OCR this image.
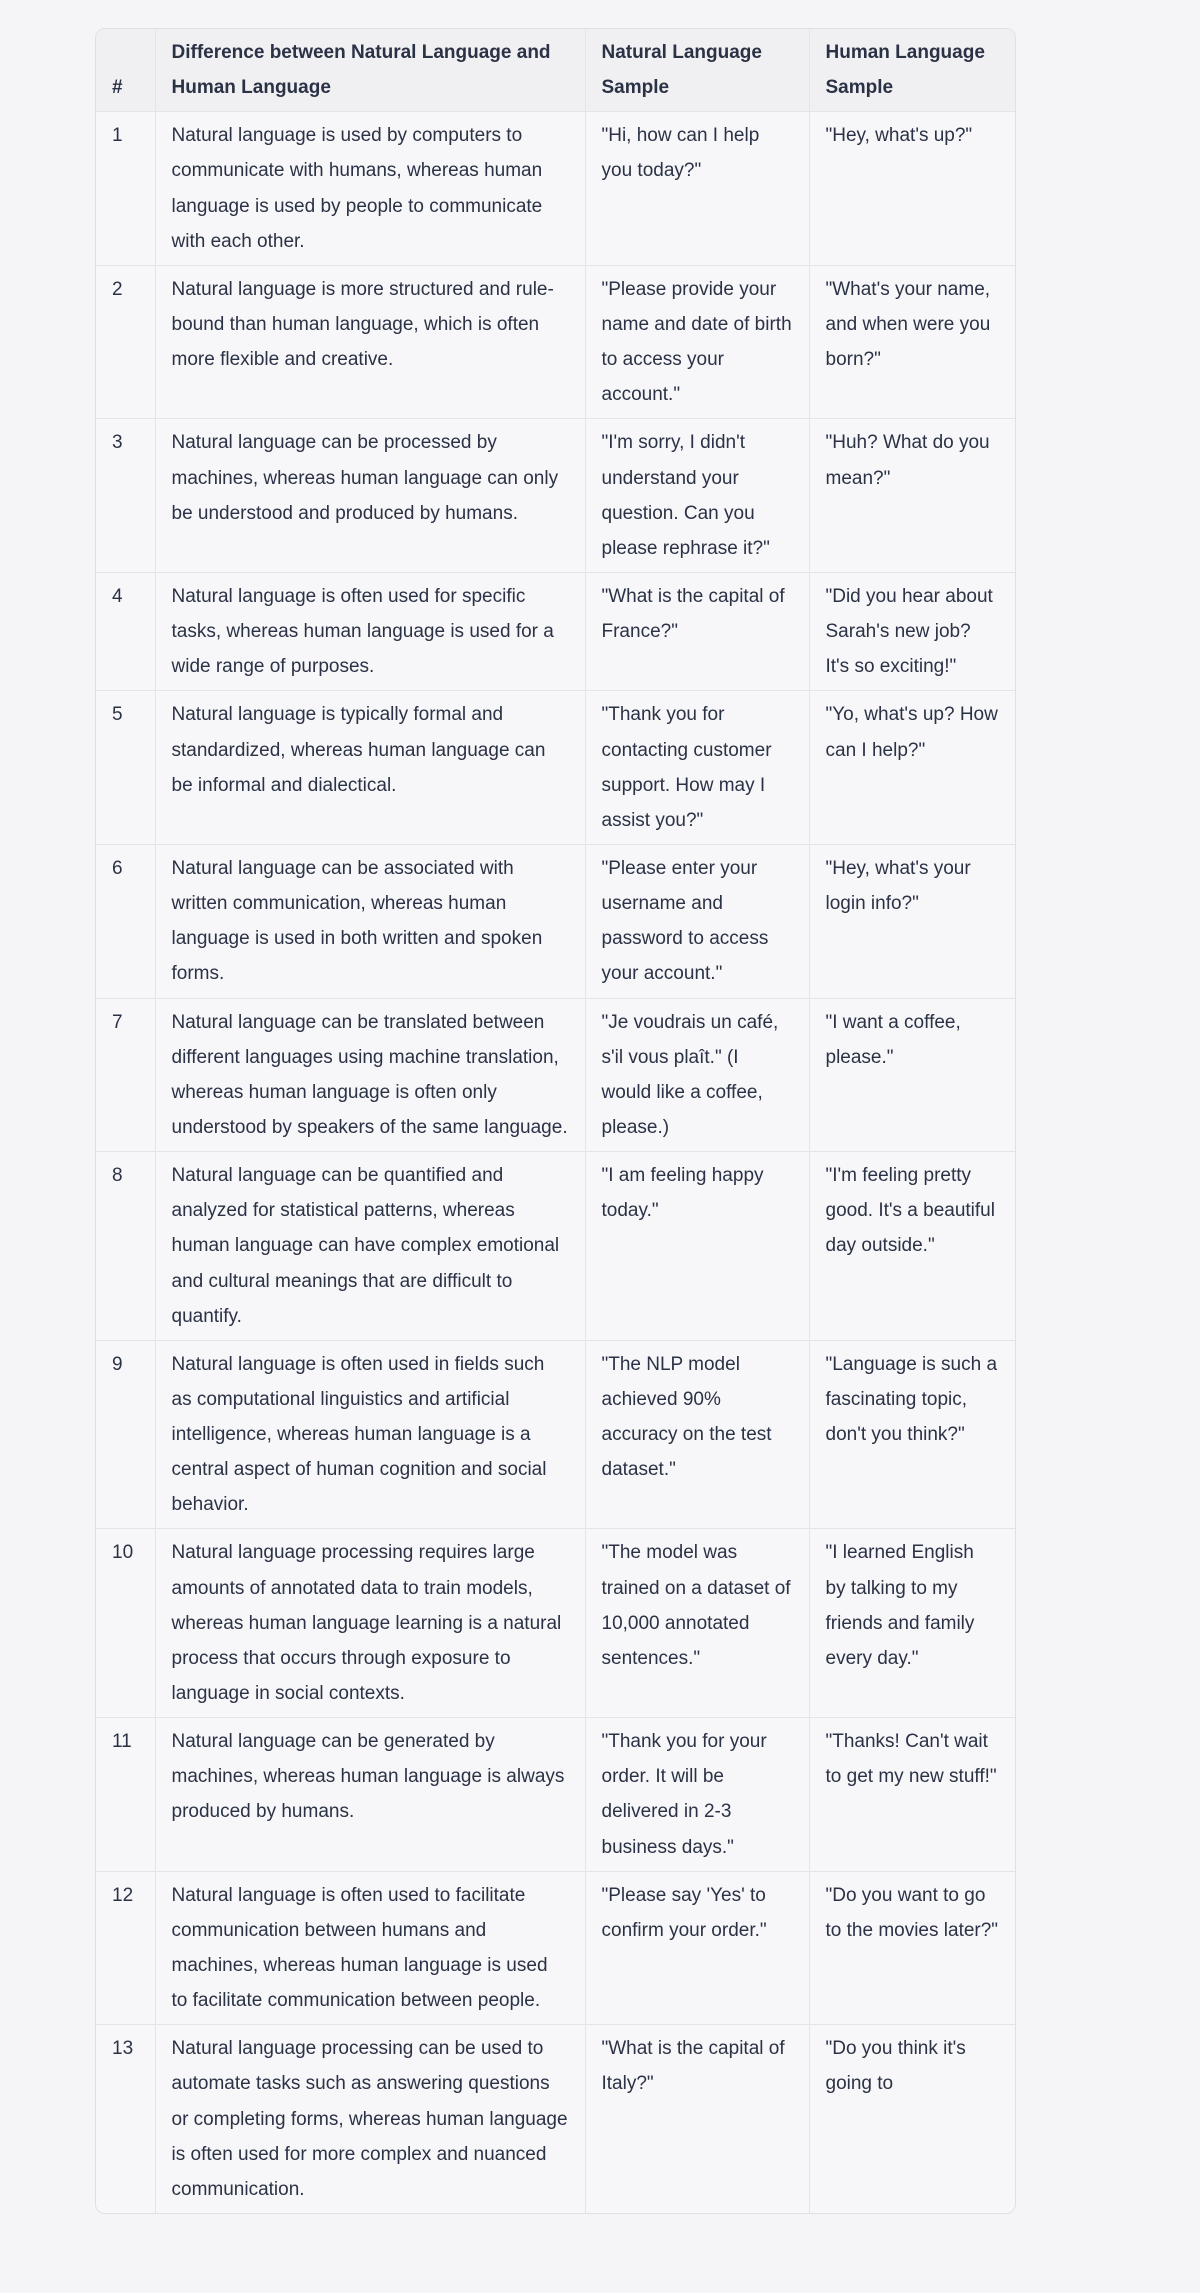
#	Difference between Natural Language and Human Language	Natural Language Sample	Human Language Sample
1	Natural language is used by computers to communicate with humans, whereas human language is used by people to communicate with each other.	"Hi, how can I help you today?"	"Hey, what's up?"
2	Natural language is more structured and rule-bound than human language, which is often more flexible and creative.	"Please provide your name and date of birth to access your account."	"What's your name, and when were you born?"
3	Natural language can be processed by machines, whereas human language can only be understood and produced by humans.	"I'm sorry, I didn't understand your question. Can you please rephrase it?"	"Huh? What do you mean?"
4	Natural language is often used for specific tasks, whereas human language is used for a wide range of purposes.	"What is the capital of France?"	"Did you hear about Sarah's new job? It's so exciting!"
5	Natural language is typically formal and standardized, whereas human language can be informal and dialectical.	"Thank you for contacting customer support. How may I assist you?"	"Yo, what's up? How can I help?"
6	Natural language can be associated with written communication, whereas human language is used in both written and spoken forms.	"Please enter your username and password to access your account."	"Hey, what's your login info?"
7	Natural language can be translated between different languages using machine translation, whereas human language is often only understood by speakers of the same language.	"Je voudrais un café, s'il vous plaît." (I would like a coffee, please.)	"I want a coffee, please."
8	Natural language can be quantified and analyzed for statistical patterns, whereas human language can have complex emotional and cultural meanings that are difficult to quantify.	"I am feeling happy today."	"I'm feeling pretty good. It's a beautiful day outside."
9	Natural language is often used in fields such as computational linguistics and artificial intelligence, whereas human language is a central aspect of human cognition and social behavior.	"The NLP model achieved 90% accuracy on the test dataset."	"Language is such a fascinating topic, don't you think?"
10	Natural language processing requires large amounts of annotated data to train models, whereas human language learning is a natural process that occurs through exposure to language in social contexts.	"The model was trained on a dataset of 10,000 annotated sentences."	"I learned English by talking to my friends and family every day."
11	Natural language can be generated by machines, whereas human language is always produced by humans.	"Thank you for your order. It will be delivered in 2-3 business days."	"Thanks! Can't wait to get my new stuff!"
12	Natural language is often used to facilitate communication between humans and machines, whereas human language is used to facilitate communication between people.	"Please say 'Yes' to confirm your order."	"Do you want to go to the movies later?"
13	Natural language processing can be used to automate tasks such as answering questions or completing forms, whereas human language is often used for more complex and nuanced communication.	"What is the capital of Italy?"	"Do you think it's going to
